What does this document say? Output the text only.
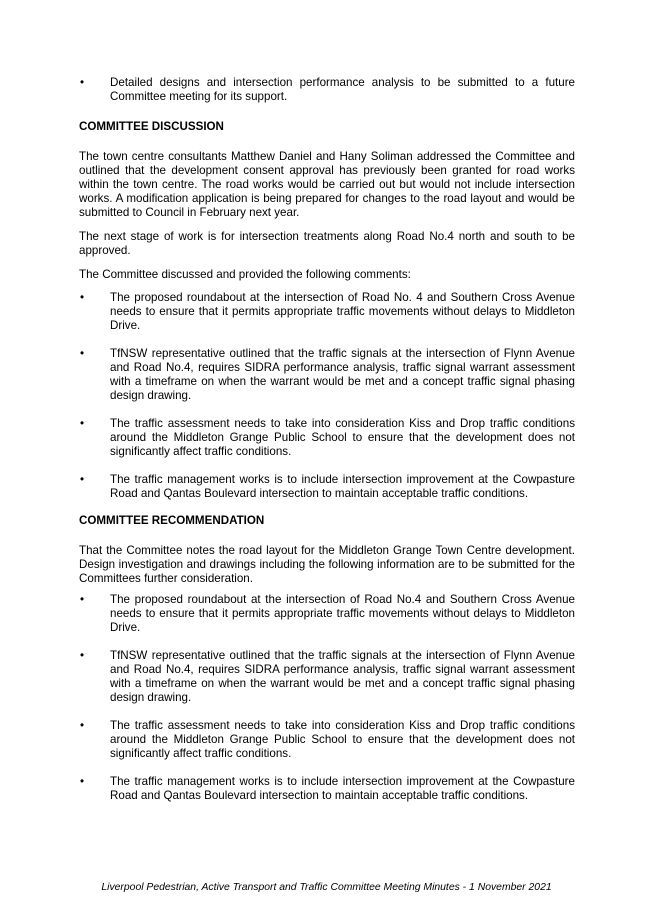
•	Detailed designs and intersection performance analysis to be submitted to a future Committee meeting for its support.
COMMITTEE DISCUSSION

The town centre consultants Matthew Daniel and Hany Soliman addressed the Committee and outlined that the development consent approval has previously been granted for road works within the town centre. The road works would be carried out but would not include intersection works. A modification application is being prepared for changes to the road layout and would be submitted to Council in February next year.

The next stage of work is for intersection treatments along Road No.4 north and south to be approved.

The Committee discussed and provided the following comments:

•	The proposed roundabout at the intersection of Road No. 4 and Southern Cross Avenue needs to ensure that it permits appropriate traffic movements without delays to Middleton Drive.
•	TfNSW representative outlined that the traffic signals at the intersection of Flynn Avenue and Road No.4, requires SIDRA performance analysis, traffic signal warrant assessment with a timeframe on when the warrant would be met and a concept traffic signal phasing design drawing.
•	The traffic assessment needs to take into consideration Kiss and Drop traffic conditions around the Middleton Grange Public School to ensure that the development does not significantly affect traffic conditions.
•	The traffic management works is to include intersection improvement at the Cowpasture Road and Qantas Boulevard intersection to maintain acceptable traffic conditions.
COMMITTEE RECOMMENDATION

That the Committee notes the road layout for the Middleton Grange Town Centre development. Design investigation and drawings including the following information are to be submitted for the Committees further consideration.

•	The proposed roundabout at the intersection of Road No.4 and Southern Cross Avenue needs to ensure that it permits appropriate traffic movements without delays to Middleton Drive.
•	TfNSW representative outlined that the traffic signals at the intersection of Flynn Avenue and Road No.4, requires SIDRA performance analysis, traffic signal warrant assessment with a timeframe on when the warrant would be met and a concept traffic signal phasing design drawing.
•	The traffic assessment needs to take into consideration Kiss and Drop traffic conditions around the Middleton Grange Public School to ensure that the development does not significantly affect traffic conditions.
•	The traffic management works is to include intersection improvement at the Cowpasture Road and Qantas Boulevard intersection to maintain acceptable traffic conditions.
Liverpool Pedestrian, Active Transport and Traffic Committee Meeting Minutes - 1 November 2021
